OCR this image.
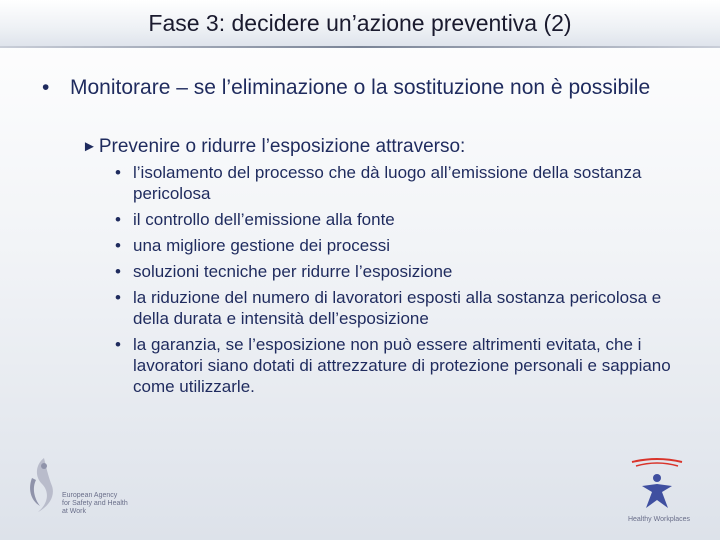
Fase 3: decidere un’azione preventiva (2)
• Monitorare – se l’eliminazione o la sostituzione non è possibile
► Prevenire o ridurre l’esposizione attraverso:
• l’isolamento del processo che dà luogo all’emissione della sostanza pericolosa
• il controllo dell’emissione alla fonte
• una migliore gestione dei processi
• soluzioni tecniche per ridurre l’esposizione
• la riduzione del numero di lavoratori esposti alla sostanza pericolosa e della durata e intensità dell’esposizione
• la garanzia, se l’esposizione non può essere altrimenti evitata, che i lavoratori siano dotati di attrezzature di protezione personali e sappiano come utilizzarle.
European Agency
for Safety and Health
at Work
Healthy Workplaces
